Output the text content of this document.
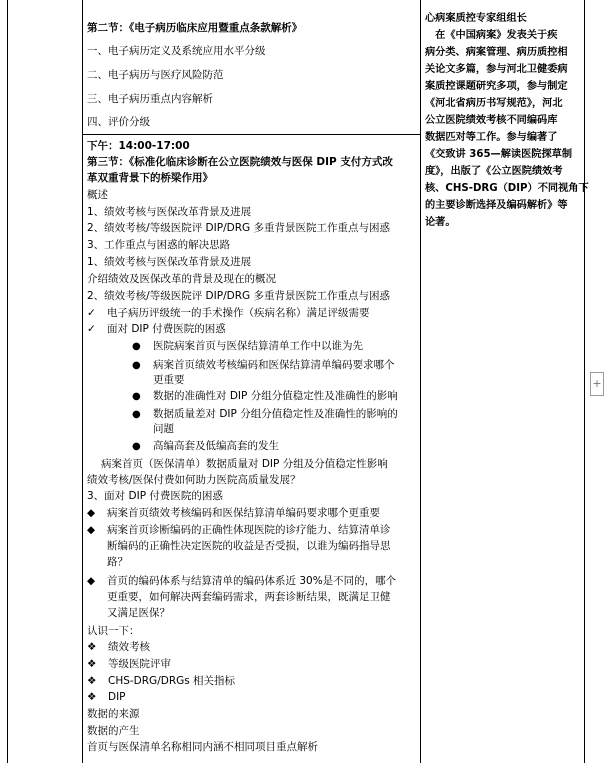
第二节：《电子病历临床应用暨重点条款解析》
一、电子病历定义及系统应用水平分级
二、电子病历与医疗风险防范
三、电子病历重点内容解析
四、评价分级
下午：14:00-17:00
第三节：《标准化临床诊断在公立医院绩效与医保 DIP 支付方式改
革双重背景下的桥梁作用》
概述
1、绩效考核与医保改革背景及进展
2、绩效考核/等级医院评 DIP/DRG 多重背景医院工作重点与困惑
3、工作重点与困惑的解决思路
1、绩效考核与医保改革背景及进展
介绍绩效及医保改革的背景及现在的概况
2、绩效考核/等级医院评 DIP/DRG 多重背景医院工作重点与困惑
✓ 电子病历评级统一的手术操作（疾病名称）满足评级需要
✓ 面对 DIP 付费医院的困惑
● 医院病案首页与医保结算清单工作中以谁为先
● 病案首页绩效考核编码和医保结算清单编码要求哪个
更重要
● 数据的准确性对 DIP 分组分值稳定性及准确性的影响
● 数据质量差对 DIP 分组分值稳定性及准确性的影响的
问题
● 高编高套及低编高套的发生
病案首页（医保清单）数据质量对 DIP 分组及分值稳定性影响
绩效考核/医保付费如何助力医院高质量发展？
3、面对 DIP 付费医院的困惑
◆ 病案首页绩效考核编码和医保结算清单编码要求哪个更重要
◆ 病案首页诊断编码的正确性体现医院的诊疗能力、结算清单诊
断编码的正确性决定医院的收益是否受损，以谁为编码指导思
路？
◆ 首页的编码体系与结算清单的编码体系近 30%是不同的，哪个
更重要，如何解决两套编码需求，两套诊断结果，既满足卫健
又满足医保？
认识一下：
❖ 绩效考核
❖ 等级医院评审
❖ CHS-DRG/DRGs 相关指标
❖ DIP
数据的来源
数据的产生
首页与医保清单名称相同内涵不相同项目重点解析

心病案质控专家组组长

　在《中国病案》发表关于疾

病分类、病案管理、病历质控相

关论文多篇，参与河北卫健委病

案质控课题研究多项，参与制定

《河北省病历书写规范》，河北

公立医院绩效考核不同编码库

数据匹对等工作。参与编著了

《交致讲 365—解读医院探草制

度》，出版了《公立医院绩效考

核、CHS-DRG（DIP）不同视角下

的主要诊断选择及编码解析》等

论著。

+
